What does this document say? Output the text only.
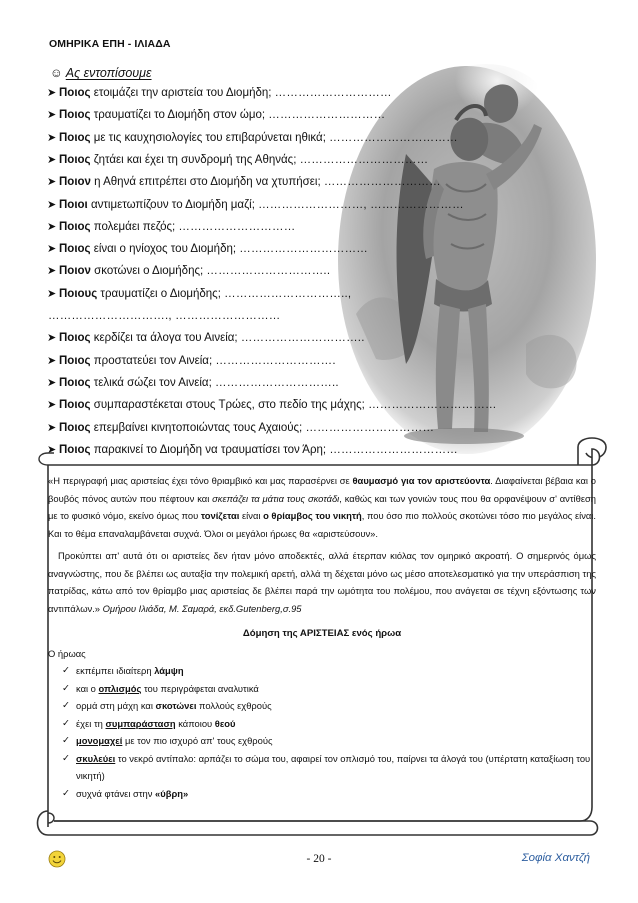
ΟΜΗΡΙΚΑ ΕΠΗ - ΙΛΙΑΔΑ
☺ Ας εντοπίσουμε
➤ Ποιος ετοιμάζει την αριστεία του Διομήδη; …………………………
➤ Ποιος τραυματίζει το Διομήδη στον ώμο; …………………………
➤ Ποιος με τις καυχησιολογίες του επιβαρύνεται ηθικά; ……………………………
➤ Ποιος ζητάει και έχει τη συνδρομή της Αθηνάς; ……………………………
➤ Ποιον η Αθηνά επιτρέπει στο Διομήδη να χτυπήσει; …………………………
➤ Ποιοι αντιμετωπίζουν το Διομήδη μαζί; ………………………, ……………………
➤ Ποιος πολεμάει πεζός; …………………………
➤ Ποιος είναι ο ηνίοχος του Διομήδη; ……………………………
➤ Ποιον σκοτώνει ο Διομήδης; …………………………..
➤ Ποιους τραυματίζει ο Διομήδης; …………………………..,
…………………………., ………………………
➤ Ποιος κερδίζει τα άλογα του Αινεία; …………………………..
➤ Ποιος προστατεύει τον Αινεία; ………………………….
➤ Ποιος τελικά σώζει τον Αινεία; …………………………..
➤ Ποιος συμπαραστέκεται στους Τρώες, στο πεδίο της μάχης; ……………………………
➤ Ποιος επεμβαίνει κινητοποιώντας τους Αχαιούς; ……………………………
➤ Ποιος παρακινεί το Διομήδη να τραυματίσει τον Άρη; ……………………………

«Η περιγραφή μιας αριστείας έχει τόνο θριαμβικό και μας παρασέρνει σε θαυμασμό για τον αριστεύοντα. Διαφαίνεται βέβαια και ο βουβός πόνος αυτών που πέφτουν και σκεπάζει τα μάτια τους σκοτάδι, καθώς και των γονιών τους που θα ορφανέψουν σ' αντίθεση με το φυσικό νόμο, εκείνο όμως που τονίζεται είναι ο θρίαμβος του νικητή, που όσο πιο πολλούς σκοτώνει τόσο πιο μεγάλος είναι. Και το θέμα επαναλαμβάνεται συχνά. Όλοι οι μεγάλοι ήρωες θα «αριστεύσουν».

Προκύπτει απ' αυτά ότι οι αριστείες δεν ήταν μόνο αποδεκτές, αλλά έτερπαν κιόλας τον ομηρικό ακροατή. Ο σημερινός όμως αναγνώστης, που δε βλέπει ως αυταξία την πολεμική αρετή, αλλά τη δέχεται μόνο ως μέσο αποτελεσματικό για την υπεράσπιση της πατρίδας, κάτω από τον θρίαμβο μιας αριστείας δε βλέπει παρά την ωμότητα του πολέμου, που ανάγεται σε τέχνη εξόντωσης των αντιπάλων.» Ομήρου Ιλιάδα, Μ. Σαμαρά, εκδ.Gutenberg,σ.95

Δόμηση της ΑΡΙΣΤΕΙΑΣ ενός ήρωα
Ο ήρωας
✓ εκπέμπει ιδιαίτερη λάμψη
✓ και ο οπλισμός του περιγράφεται αναλυτικά
✓ ορμά στη μάχη και σκοτώνει πολλούς εχθρούς
✓ έχει τη συμπαράσταση κάποιου θεού
✓ μονομαχεί με τον πιο ισχυρό απ' τους εχθρούς
✓ σκυλεύει το νεκρό αντίπαλο: αρπάζει το σώμα του, αφαιρεί τον οπλισμό του, παίρνει τα άλογά του (υπέρτατη καταξίωση του νικητή)
✓ συχνά φτάνει στην «ύβρη»
- 20 -	Σοφία Χαντζή
